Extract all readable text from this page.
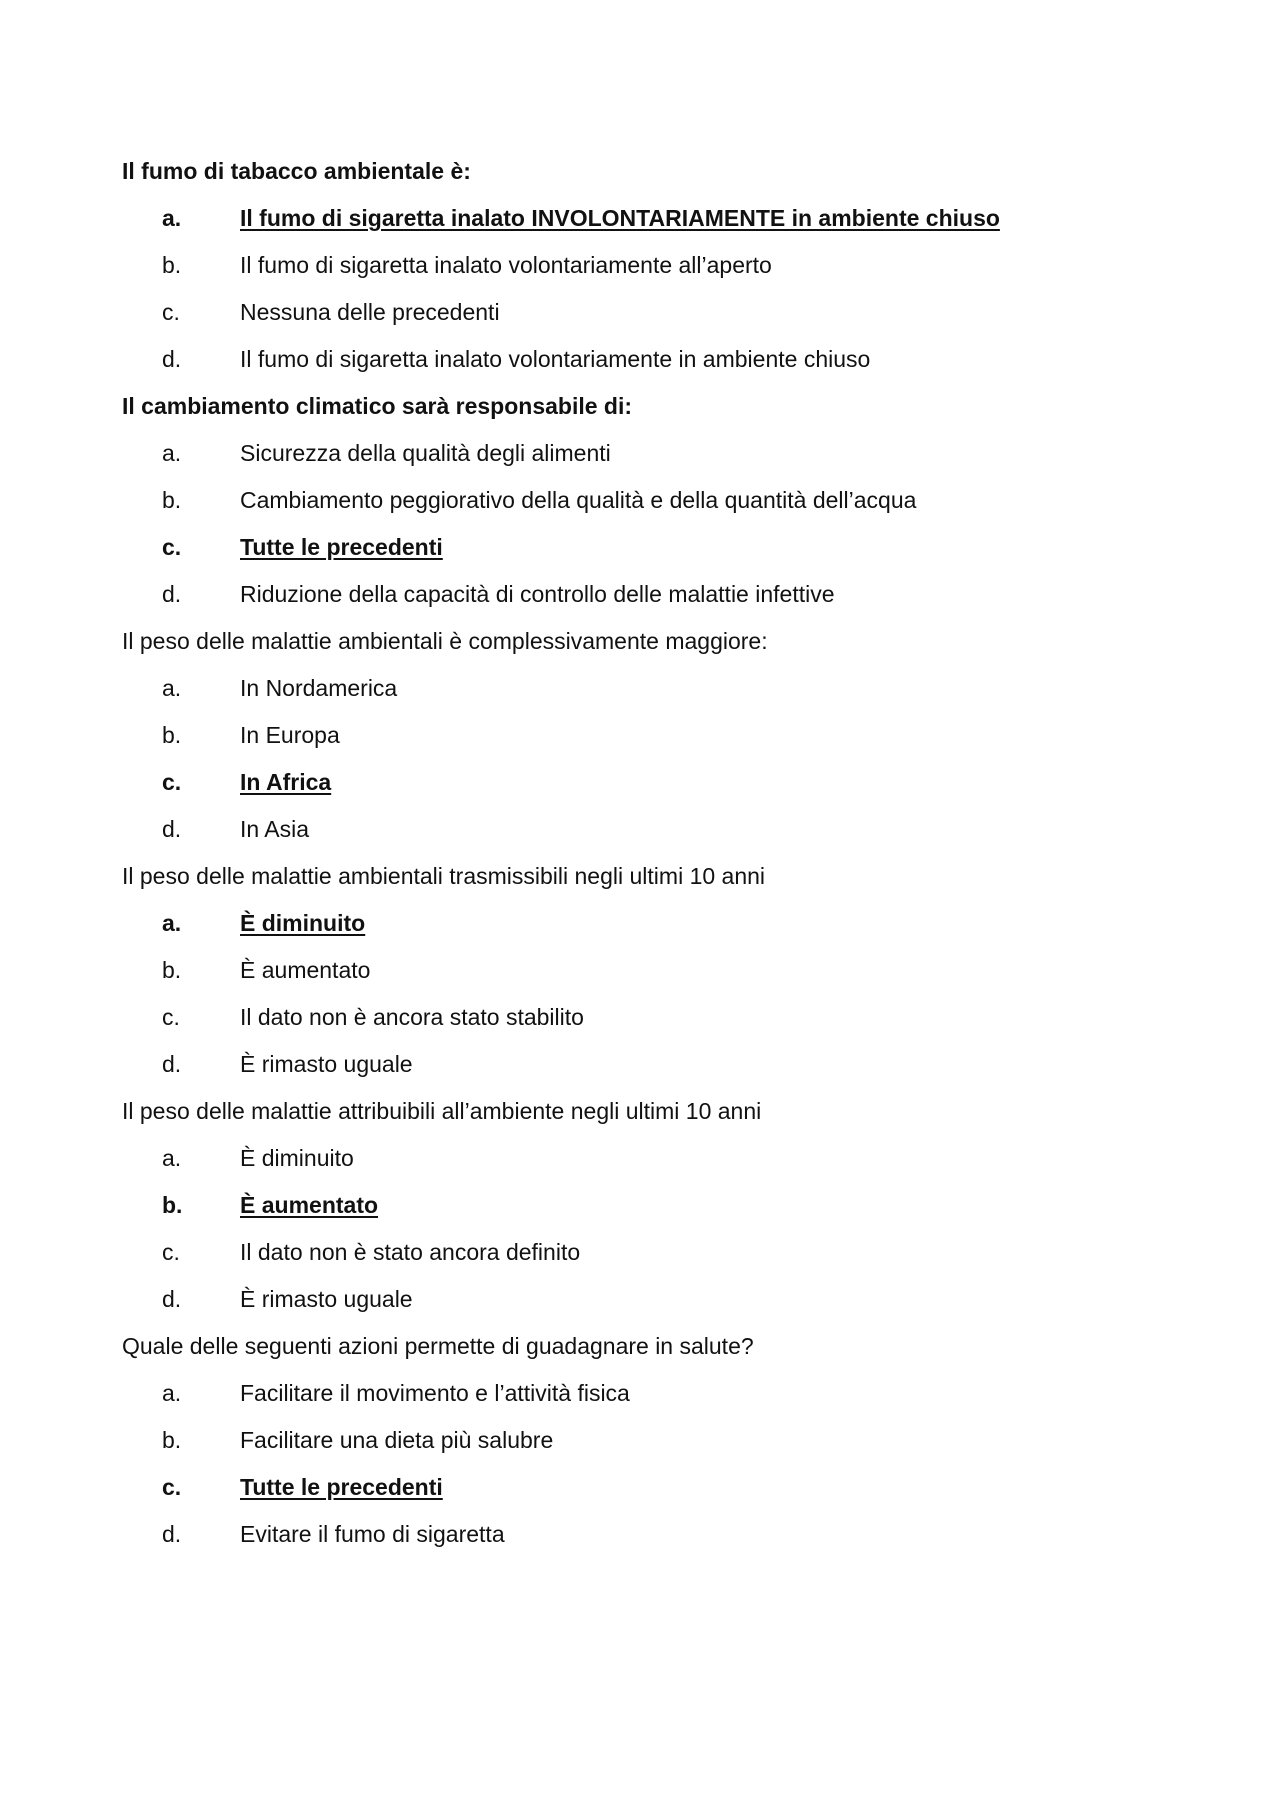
Il fumo di tabacco ambientale è:

a.	Il fumo di sigaretta inalato INVOLONTARIAMENTE in ambiente chiuso
b.	Il fumo di sigaretta inalato volontariamente all’aperto
c.	Nessuna delle precedenti
d.	Il fumo di sigaretta inalato volontariamente in ambiente chiuso

Il cambiamento climatico sarà responsabile di:

a.	Sicurezza della qualità degli alimenti
b.	Cambiamento peggiorativo della qualità e della quantità dell’acqua
c.	Tutte le precedenti
d.	Riduzione della capacità di controllo delle malattie infettive

Il peso delle malattie ambientali è complessivamente maggiore:

a.	In Nordamerica
b.	In Europa
c.	In Africa
d.	In Asia

Il peso delle malattie ambientali trasmissibili negli ultimi 10 anni

a.	È diminuito
b.	È aumentato
c.	Il dato non è ancora stato stabilito
d.	È rimasto uguale

Il peso delle malattie attribuibili all’ambiente negli ultimi 10 anni

a.	È diminuito
b.	È aumentato
c.	Il dato non è stato ancora definito
d.	È rimasto uguale

Quale delle seguenti azioni permette di guadagnare in salute?

a.	Facilitare il movimento e l’attività fisica
b.	Facilitare una dieta più salubre
c.	Tutte le precedenti
d.	Evitare il fumo di sigaretta
